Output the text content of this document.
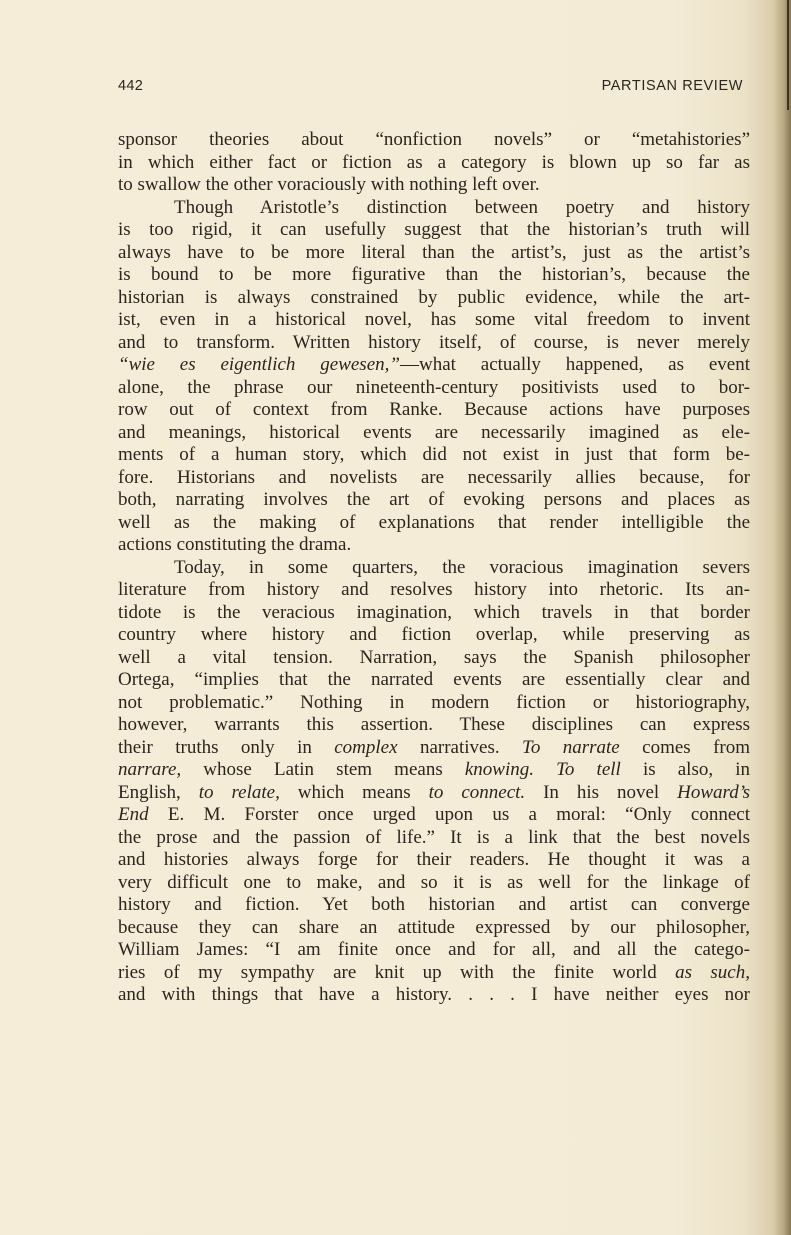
442	PARTISAN REVIEW
sponsor theories about “nonfiction novels” or “metahistories”
in which either fact or fiction as a category is blown up so far as
to swallow the other voraciously with nothing left over.
Though Aristotle’s distinction between poetry and history
is too rigid, it can usefully suggest that the historian’s truth will
always have to be more literal than the artist’s, just as the artist’s
is bound to be more figurative than the historian’s, because the
historian is always constrained by public evidence, while the art-
ist, even in a historical novel, has some vital freedom to invent
and to transform. Written history itself, of course, is never merely
“wie es eigentlich gewesen,”—what actually happened, as event
alone, the phrase our nineteenth-century positivists used to bor-
row out of context from Ranke. Because actions have purposes
and meanings, historical events are necessarily imagined as ele-
ments of a human story, which did not exist in just that form be-
fore. Historians and novelists are necessarily allies because, for
both, narrating involves the art of evoking persons and places as
well as the making of explanations that render intelligible the
actions constituting the drama.
Today, in some quarters, the voracious imagination severs
literature from history and resolves history into rhetoric. Its an-
tidote is the veracious imagination, which travels in that border
country where history and fiction overlap, while preserving as
well a vital tension. Narration, says the Spanish philosopher
Ortega, “implies that the narrated events are essentially clear and
not problematic.” Nothing in modern fiction or historiography,
however, warrants this assertion. These disciplines can express
their truths only in complex narratives. To narrate comes from
narrare, whose Latin stem means knowing. To tell is also, in
English, to relate, which means to connect. In his novel Howard’s
End E. M. Forster once urged upon us a moral: “Only connect
the prose and the passion of life.” It is a link that the best novels
and histories always forge for their readers. He thought it was a
very difficult one to make, and so it is as well for the linkage of
history and fiction. Yet both historian and artist can converge
because they can share an attitude expressed by our philosopher,
William James: “I am finite once and for all, and all the catego-
ries of my sympathy are knit up with the finite world as such,
and with things that have a history. . . . I have neither eyes nor
